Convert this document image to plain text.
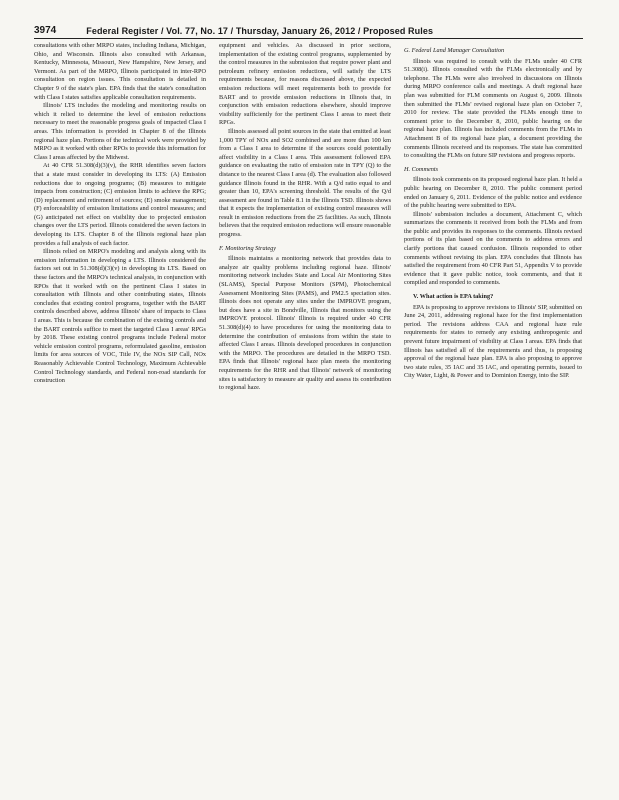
3974	Federal Register / Vol. 77, No. 17 / Thursday, January 26, 2012 / Proposed Rules

consultations with other MRPO states, including Indiana, Michigan, Ohio, and Wisconsin. Illinois also consulted with Arkansas, Kentucky, Minnesota, Missouri, New Hampshire, New Jersey, and Vermont. As part of the MRPO, Illinois participated in inter-RPO consultation on region issues. This consultation is detailed in Chapter 9 of the state's plan. EPA finds that the state's consultation with Class I states satisfies applicable consultation requirements.

Illinois' LTS includes the modeling and monitoring results on which it relied to determine the level of emission reductions necessary to meet the reasonable progress goals of impacted Class I areas. This information is provided in Chapter 8 of the Illinois regional haze plan. Portions of the technical work were provided by MRPO as it worked with other RPOs to provide this information for Class I areas affected by the Midwest.

At 40 CFR 51.308(d)(3)(v), the RHR identifies seven factors that a state must consider in developing its LTS: (A) Emission reductions due to ongoing programs; (B) measures to mitigate impacts from construction; (C) emission limits to achieve the RPG; (D) replacement and retirement of sources; (E) smoke management; (F) enforceability of emission limitations and control measures; and (G) anticipated net effect on visibility due to projected emission changes over the LTS period. Illinois considered the seven factors in developing its LTS. Chapter 8 of the Illinois regional haze plan provides a full analysis of each factor.

Illinois relied on MRPO's modeling and analysis along with its emission information in developing a LTS. Illinois considered the factors set out in 51.308(d)(3)(v) in developing its LTS. Based on these factors and the MRPO's technical analysis, in conjunction with RPOs that it worked with on the pertinent Class I states in consultation with Illinois and other contributing states, Illinois concludes that existing control programs, together with the BART controls described above, address Illinois' share of impacts to Class I areas. This is because the combination of the existing controls and the BART controls suffice to meet the targeted Class I areas' RPGs by 2018. These existing control programs include Federal motor vehicle emission control programs, reformulated gasoline, emission limits for area sources of VOC, Title IV, the NOx SIP Call, NOx Reasonably Achievable Control Technology, Maximum Achievable Control Technology standards, and Federal non-road standards for construction

equipment and vehicles. As discussed in prior sections, implementation of the existing control programs, supplemented by the control measures in the submission that require power plant and petroleum refinery emission reductions, will satisfy the LTS requirements because, for reasons discussed above, the expected emission reductions will meet requirements both to provide for BART and to provide emission reductions in Illinois that, in conjunction with emission reductions elsewhere, should improve visibility sufficiently for the pertinent Class I areas to meet their RPGs.

Illinois assessed all point sources in the state that emitted at least 1,000 TPY of NOx and SO2 combined and are more than 100 km from a Class I area to determine if the sources could potentially affect visibility in a Class I area. This assessment followed EPA guidance on evaluating the ratio of emission rate in TPY (Q) to the distance to the nearest Class I area (d). The evaluation also followed guidance Illinois found in the RHR. With a Q/d ratio equal to and greater than 10, EPA's screening threshold. The results of the Q/d assessment are found in Table 8.1 in the Illinois TSD. Illinois shows that it expects the implementation of existing control measures will result in emission reductions from the 25 facilities. As such, Illinois believes that the required emission reductions will ensure reasonable progress.

F. Monitoring Strategy

Illinois maintains a monitoring network that provides data to analyze air quality problems including regional haze. Illinois' monitoring network includes State and Local Air Monitoring Sites (SLAMS), Special Purpose Monitors (SPM), Photochemical Assessment Monitoring Sites (PAMS), and PM2.5 speciation sites. Illinois does not operate any sites under the IMPROVE program, but does have a site in Bondville, Illinois that monitors using the IMPROVE protocol. Illinois' Illinois is required under 40 CFR 51.308(d)(4) to have procedures for using the monitoring data to determine the contribution of emissions from within the state to affected Class I areas. Illinois developed procedures in conjunction with the MRPO. The procedures are detailed in the MRPO TSD. EPA finds that Illinois' regional haze plan meets the monitoring requirements for the RHR and that Illinois' network of monitoring sites is satisfactory to measure air quality and assess its contribution to regional haze.

G. Federal Land Manager Consultation

Illinois was required to consult with the FLMs under 40 CFR 51.308(i). Illinois consulted with the FLMs electronically and by telephone. The FLMs were also involved in discussions on Illinois during MRPO conference calls and meetings. A draft regional haze plan was submitted for FLM comments on August 6, 2009. Illinois then submitted the FLMs' revised regional haze plan on October 7, 2010 for review. The state provided the FLMs enough time to comment prior to the December 8, 2010, public hearing on the regional haze plan. Illinois has included comments from the FLMs in Attachment B of its regional haze plan, a document providing the comments Illinois received and its responses. The state has committed to consulting the FLMs on future SIP revisions and progress reports.

H. Comments

Illinois took comments on its proposed regional haze plan. It held a public hearing on December 8, 2010. The public comment period ended on January 6, 2011. Evidence of the public notice and evidence of the public hearing were submitted to EPA.

Illinois' submission includes a document, Attachment C, which summarizes the comments it received from both the FLMs and from the public and provides its responses to the comments. Illinois revised portions of its plan based on the comments to address errors and clarify portions that caused confusion. Illinois responded to other comments without revising its plan. EPA concludes that Illinois has satisfied the requirement from 40 CFR Part 51, Appendix V to provide evidence that it gave public notice, took comments, and that it compiled and responded to comments.

V. What action is EPA taking?

EPA is proposing to approve revisions to Illinois' SIP, submitted on June 24, 2011, addressing regional haze for the first implementation period. The revisions address CAA and regional haze rule requirements for states to remedy any existing anthropogenic and prevent future impairment of visibility at Class I areas. EPA finds that Illinois has satisfied all of the requirements and thus, is proposing approval of the regional haze plan. EPA is also proposing to approve two state rules, 35 IAC and 35 IAC, and operating permits, issued to City Water, Light, & Power and to Dominion Energy, into the SIP.
